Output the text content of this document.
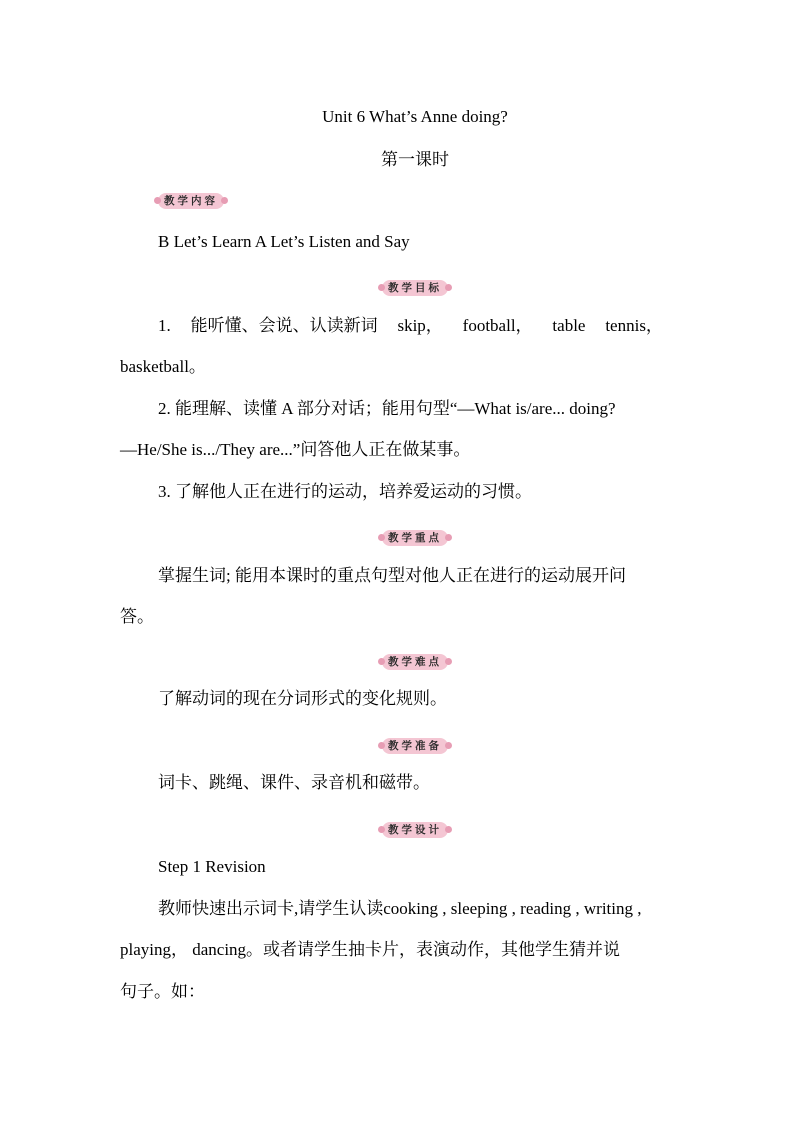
Unit 6 What’s Anne doing?
第一课时
教学内容
B Let’s Learn A Let’s Listen and Say
教学目标
1. 能听懂、会说、认读新词 skip， football， table tennis，
basketball。
2. 能理解、读懂 A 部分对话；能用句型“—What is/are... doing?
—He/She is.../They are...”问答他人正在做某事。
3. 了解他人正在进行的运动，培养爱运动的习惯。
教学重点
掌握生词; 能用本课时的重点句型对他人正在进行的运动展开问
答。
教学难点
了解动词的现在分词形式的变化规则。
教学准备
词卡、跳绳、课件、录音机和磁带。
教学设计
Step 1 Revision
教师快速出示词卡,请学生认读cooking , sleeping , reading , writing ,
playing， dancing。或者请学生抽卡片，表演动作，其他学生猜并说
句子。如：
